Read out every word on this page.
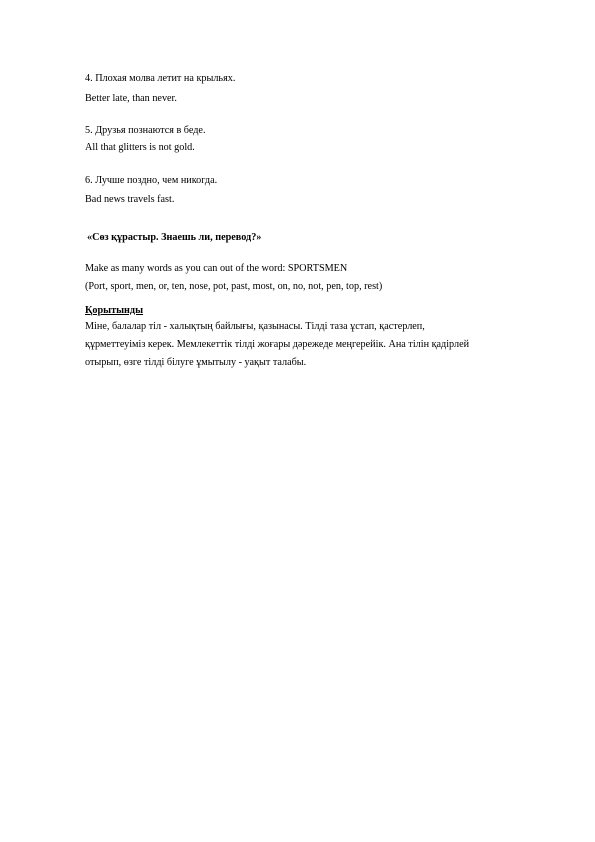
4. Плохая молва летит на крыльях.
Better late, than never.
5. Друзья познаются в беде.
All that glitters is not gold.
6. Лучше поздно, чем никогда.
Bad news travels fast.
«Сөз құрастыр. Знаешь ли, перевод?»
Make as many words as you can out of the word: SPORTSMEN
(Port, sport, men, or, ten, nose, pot, past, most, on, no, not, pen, top, rest)
Қорытынды
Міне, балалар тіл - халықтың байлығы, қазынасы. Тілді таза ұстап, қастерлеп,
құрметтеуіміз керек. Мемлекеттік тілді жоғары дәрежеде меңгерейік. Ана тілін қадірлей
отырып, өзге тілді білуге ұмытылу - уақыт талабы.
